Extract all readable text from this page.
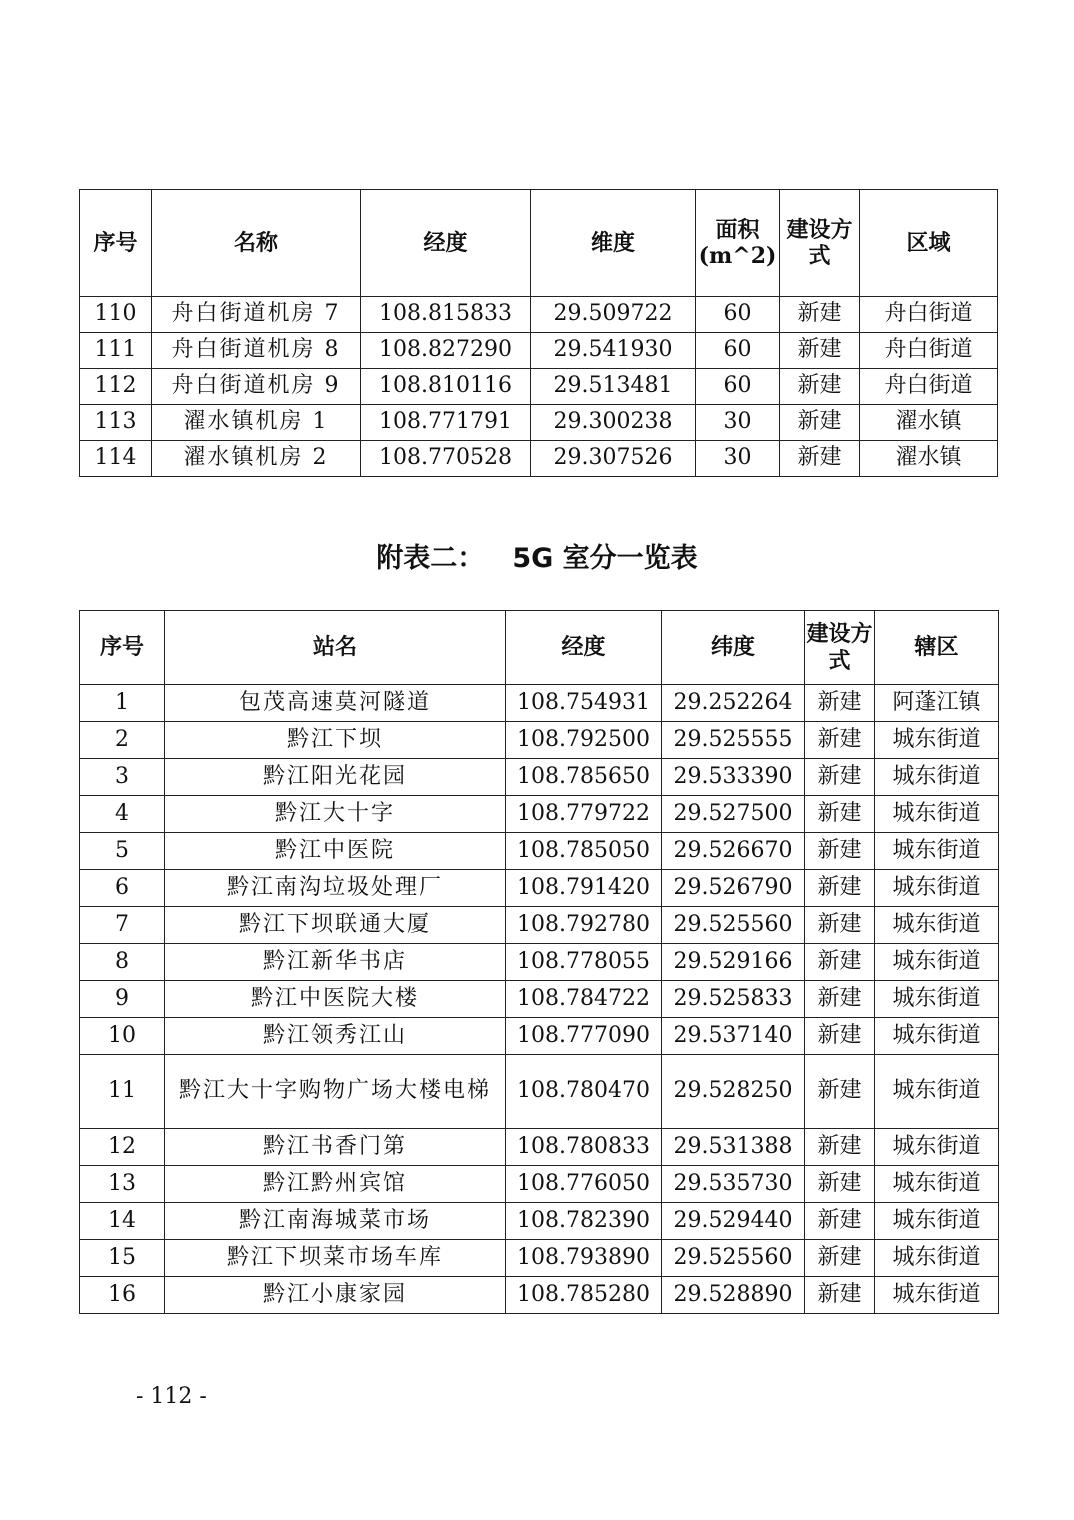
序号	名称	经度	维度	面积(m^2)	建设方式	区域
110	舟白街道机房 7	108.815833	29.509722	60	新建	舟白街道
111	舟白街道机房 8	108.827290	29.541930	60	新建	舟白街道
112	舟白街道机房 9	108.810116	29.513481	60	新建	舟白街道
113	濯水镇机房 1	108.771791	29.300238	30	新建	濯水镇
114	濯水镇机房 2	108.770528	29.307526	30	新建	濯水镇
附表二： 5G 室分一览表
序号	站名	经度	纬度	建设方式	辖区
1	包茂高速莫河隧道	108.754931	29.252264	新建	阿蓬江镇
2	黔江下坝	108.792500	29.525555	新建	城东街道
3	黔江阳光花园	108.785650	29.533390	新建	城东街道
4	黔江大十字	108.779722	29.527500	新建	城东街道
5	黔江中医院	108.785050	29.526670	新建	城东街道
6	黔江南沟垃圾处理厂	108.791420	29.526790	新建	城东街道
7	黔江下坝联通大厦	108.792780	29.525560	新建	城东街道
8	黔江新华书店	108.778055	29.529166	新建	城东街道
9	黔江中医院大楼	108.784722	29.525833	新建	城东街道
10	黔江领秀江山	108.777090	29.537140	新建	城东街道
11	黔江大十字购物广场大楼电梯	108.780470	29.528250	新建	城东街道
12	黔江书香门第	108.780833	29.531388	新建	城东街道
13	黔江黔州宾馆	108.776050	29.535730	新建	城东街道
14	黔江南海城菜市场	108.782390	29.529440	新建	城东街道
15	黔江下坝菜市场车库	108.793890	29.525560	新建	城东街道
16	黔江小康家园	108.785280	29.528890	新建	城东街道
- 112 -
